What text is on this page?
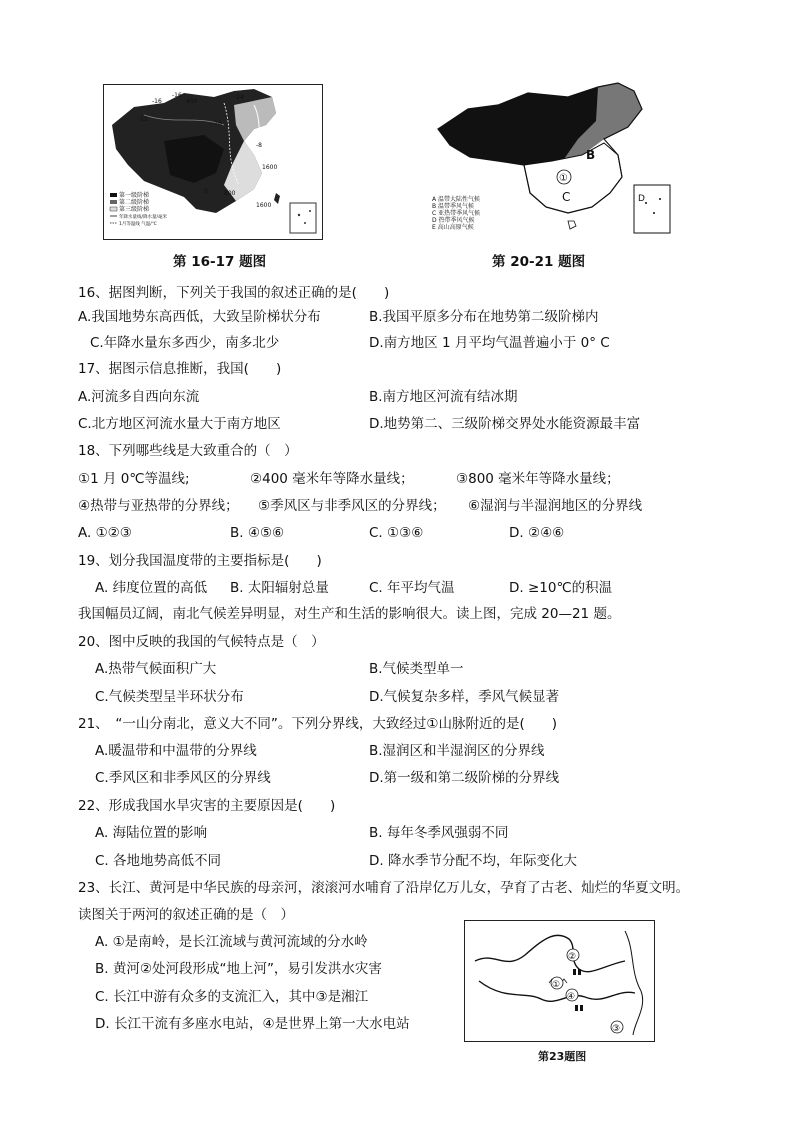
-16
-12
400
-16	-24
-16
-8
-8
1600
0	800
1600
第一级阶梯
第二级阶梯
第三级阶梯
年降水量线/降水量/毫米
1月等温线 气温/℃
第 16-17 题图
B
C
①
D
A 温带大陆性气候
B 温带季风气候
C 亚热带季风气候
D 热带季风气候
E 高山高原气候
第 20-21 题图
16、据图判断，下列关于我国的叙述正确的是(　　)
A.我国地势东高西低，大致呈阶梯状分布	B.我国平原多分布在地势第二级阶梯内
C.年降水量东多西少，南多北少	D.南方地区 1 月平均气温普遍小于 0° C
17、据图示信息推断，我国(　　)
A.河流多自西向东流	B.南方地区河流有结冰期
C.北方地区河流水量大于南方地区	D.地势第二、三级阶梯交界处水能资源最丰富
18、下列哪些线是大致重合的（　）
①1 月 0℃等温线;	②400 毫米年等降水量线；	③800 毫米年等降水量线；
④热带与亚热带的分界线； ⑤季风区与非季风区的分界线； ⑥湿润与半湿润地区的分界线
A. ①②③	B. ④⑤⑥	C. ①③⑥	D. ②④⑥
19、划分我国温度带的主要指标是(　　)
A. 纬度位置的高低 B. 太阳辐射总量	C. 年平均气温	D. ≥10℃的积温
我国幅员辽阔，南北气候差异明显，对生产和生活的影响很大。读上图，完成 20—21 题。
20、图中反映的我国的气候特点是（　）
A.热带气候面积广大	B.气候类型单一
C.气候类型呈半环状分布	D.气候复杂多样，季风气候显著
21、　“一山分南北，意义大不同”。下列分界线，大致经过①山脉附近的是(　　)
A.暖温带和中温带的分界线	B.湿润区和半湿润区的分界线
C.季风区和非季风区的分界线	D.第一级和第二级阶梯的分界线
22、形成我国水旱灾害的主要原因是(　　)
A. 海陆位置的影响	B. 每年冬季风强弱不同
C. 各地地势高低不同	D. 降水季节分配不均，年际变化大
23、长江、黄河是中华民族的母亲河，滚滚河水哺育了沿岸亿万儿女，孕育了古老、灿烂的华夏文明。
读图关于两河的叙述正确的是（　）
A. ①是南岭，是长江流域与黄河流域的分水岭
B. 黄河②处河段形成“地上河”，易引发洪水灾害
C. 长江中游有众多的支流汇入，其中③是湘江
D. 长江干流有多座水电站，④是世界上第一大水电站
②
①
④
③
第23题图
